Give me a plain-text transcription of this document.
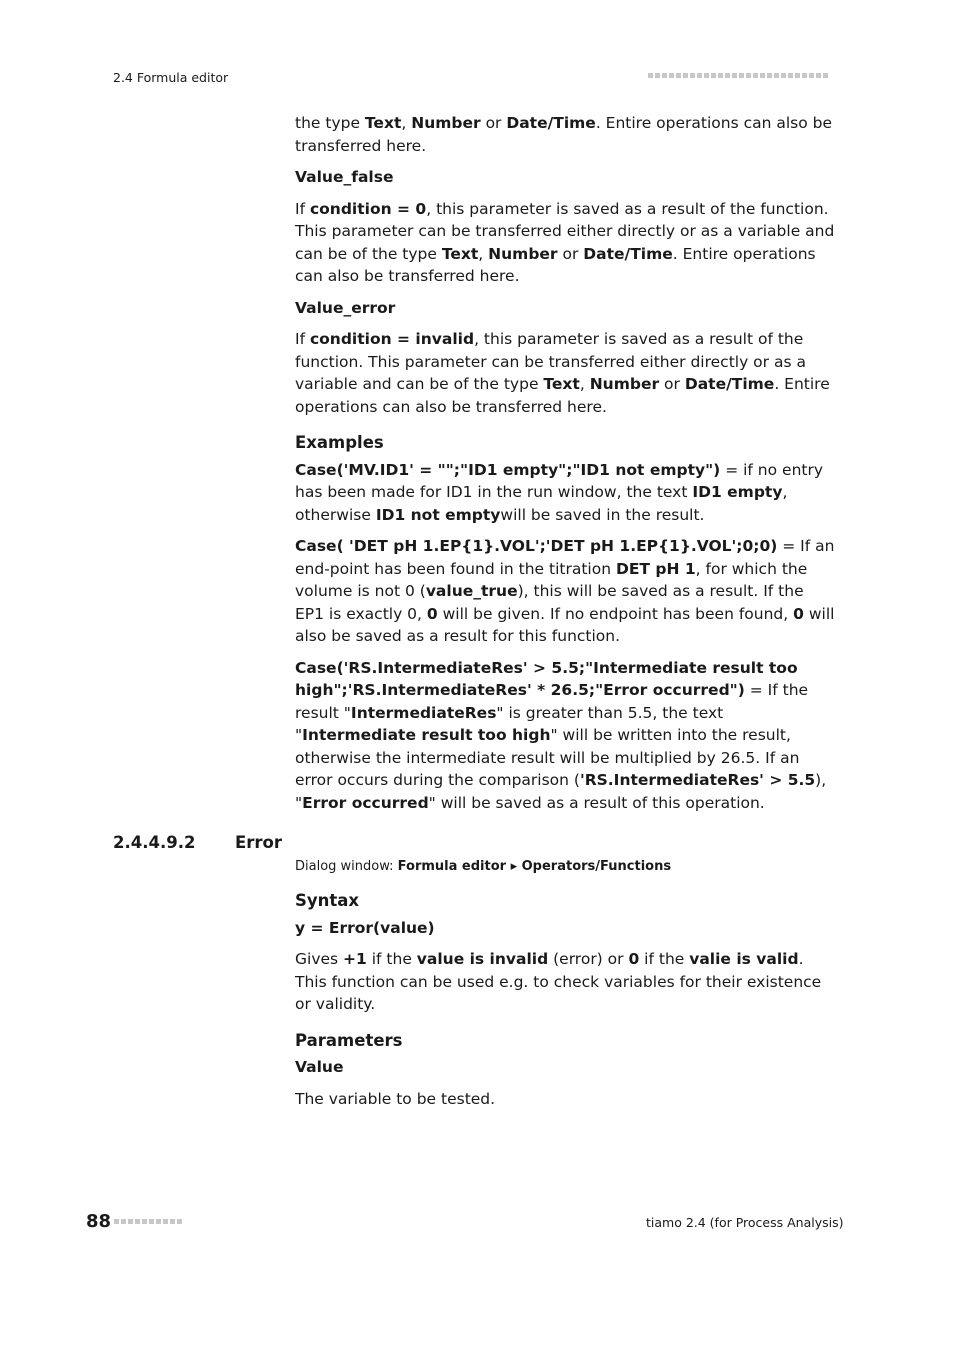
2.4 Formula editor

the type Text, Number or Date/Time. Entire operations can also be transferred here.

Value_false

If condition = 0, this parameter is saved as a result of the function. This parameter can be transferred either directly or as a variable and can be of the type Text, Number or Date/Time. Entire operations can also be transferred here.

Value_error

If condition = invalid, this parameter is saved as a result of the function. This parameter can be transferred either directly or as a variable and can be of the type Text, Number or Date/Time. Entire operations can also be transferred here.

Examples

Case('MV.ID1' = "";"ID1 empty";"ID1 not empty") = if no entry has been made for ID1 in the run window, the text ID1 empty, otherwise ID1 not emptywill be saved in the result.

Case( 'DET pH 1.EP{1}.VOL';'DET pH 1.EP{1}.VOL';0;0) = If an end-point has been found in the titration DET pH 1, for which the volume is not 0 (value_true), this will be saved as a result. If the EP1 is exactly 0, 0 will be given. If no endpoint has been found, 0 will also be saved as a result for this function.

Case('RS.IntermediateRes' > 5.5;"Intermediate result too high";'RS.IntermediateRes' * 26.5;"Error occurred") = If the result "IntermediateRes" is greater than 5.5, the text "Intermediate result too high" will be written into the result, otherwise the intermediate result will be multiplied by 26.5. If an error occurs during the comparison ('RS.IntermediateRes' > 5.5), "Error occurred" will be saved as a result of this operation.

2.4.4.9.2 Error

Dialog window: Formula editor ▸ Operators/Functions

Syntax
y = Error(value)

Gives +1 if the value is invalid (error) or 0 if the valie is valid. This function can be used e.g. to check variables for their existence or validity.

Parameters
Value

The variable to be tested.

88	tiamo 2.4 (for Process Analysis)
